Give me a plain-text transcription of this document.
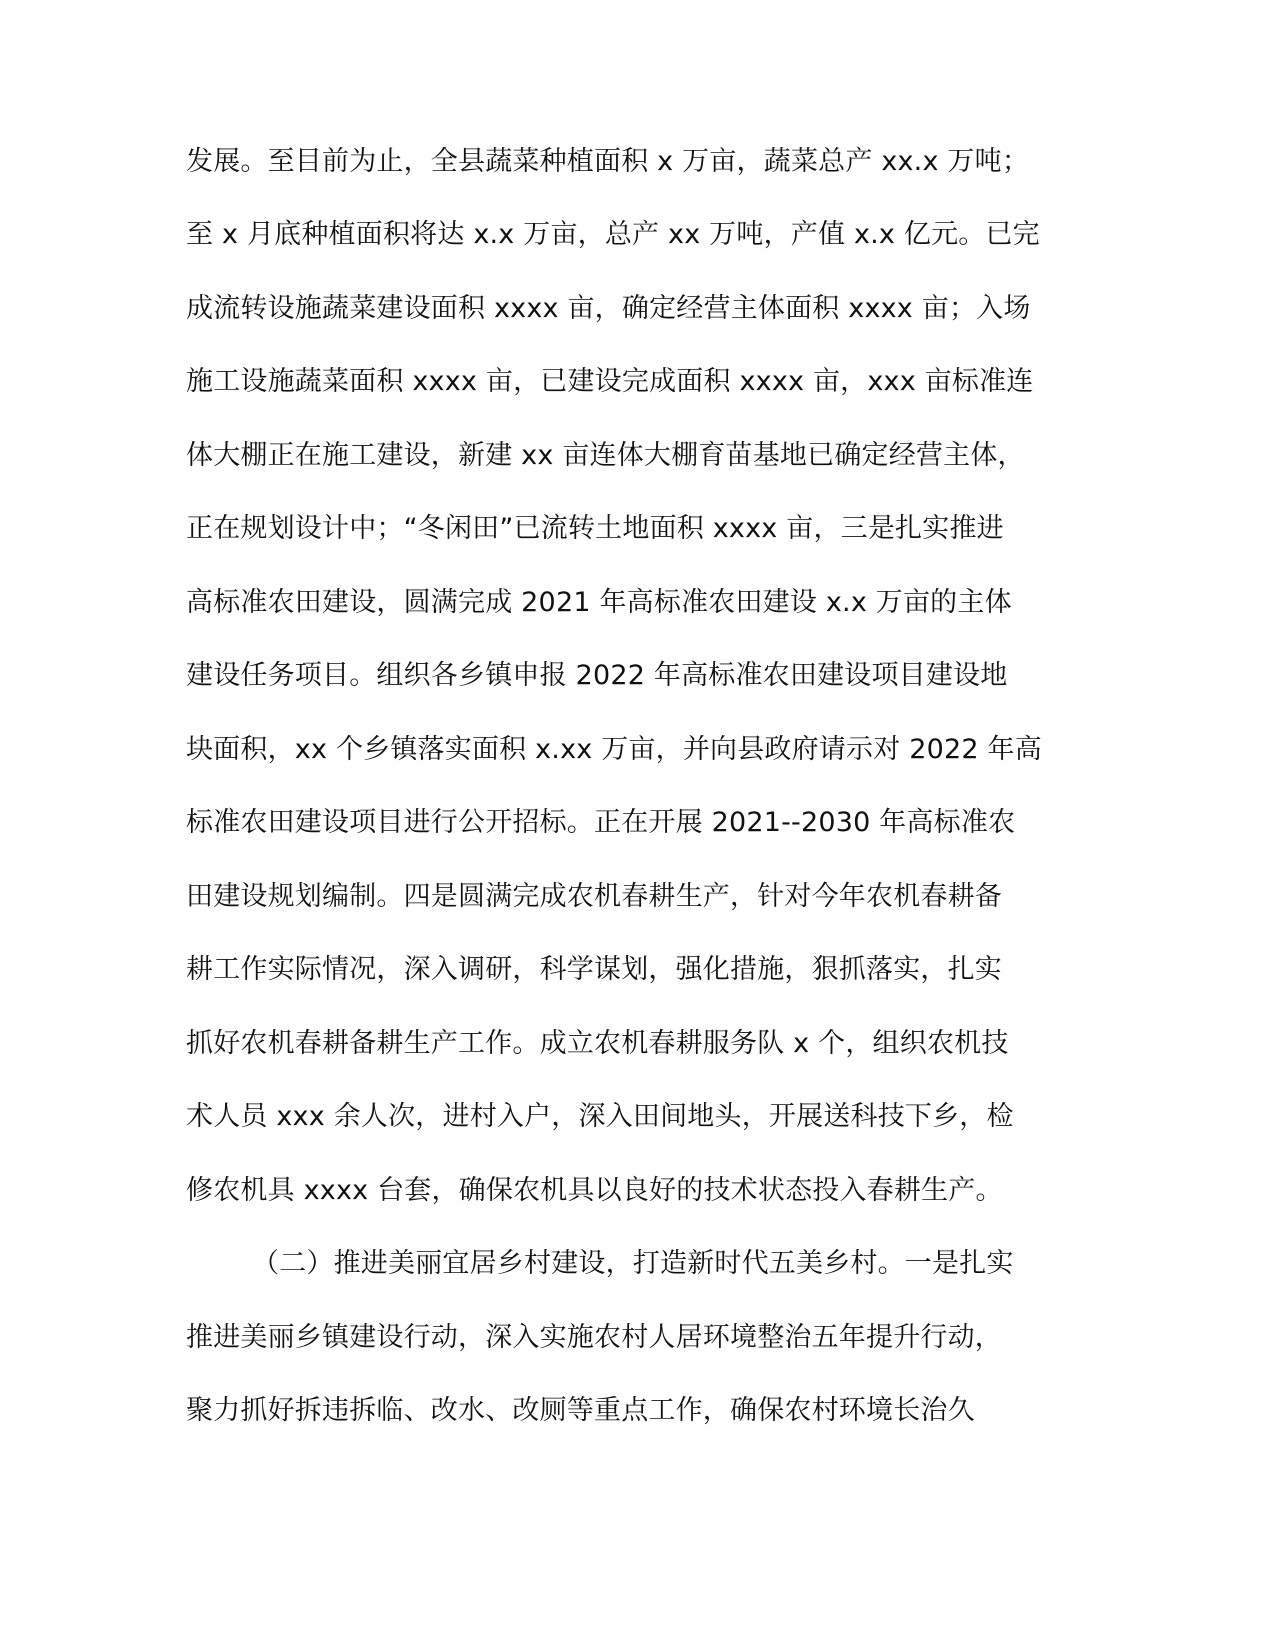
发展。至目前为止，全县蔬菜种植面积 x 万亩，蔬菜总产 xx.x 万吨；

至 x 月底种植面积将达 x.x 万亩，总产 xx 万吨，产值 x.x 亿元。已完

成流转设施蔬菜建设面积 xxxx 亩，确定经营主体面积 xxxx 亩；入场

施工设施蔬菜面积 xxxx 亩，已建设完成面积 xxxx 亩，xxx 亩标准连

体大棚正在施工建设，新建 xx 亩连体大棚育苗基地已确定经营主体，

正在规划设计中；“冬闲田”已流转土地面积 xxxx 亩，三是扎实推进

高标准农田建设，圆满完成 2021 年高标准农田建设 x.x 万亩的主体

建设任务项目。组织各乡镇申报 2022 年高标准农田建设项目建设地

块面积，xx 个乡镇落实面积 x.xx 万亩，并向县政府请示对 2022 年高

标准农田建设项目进行公开招标。正在开展 2021--2030 年高标准农

田建设规划编制。四是圆满完成农机春耕生产，针对今年农机春耕备

耕工作实际情况，深入调研，科学谋划，强化措施，狠抓落实，扎实

抓好农机春耕备耕生产工作。成立农机春耕服务队 x 个，组织农机技

术人员 xxx 余人次，进村入户，深入田间地头，开展送科技下乡，检

修农机具 xxxx 台套，确保农机具以良好的技术状态投入春耕生产。

（二）推进美丽宜居乡村建设，打造新时代五美乡村。一是扎实

推进美丽乡镇建设行动，深入实施农村人居环境整治五年提升行动，

聚力抓好拆违拆临、改水、改厕等重点工作，确保农村环境长治久
